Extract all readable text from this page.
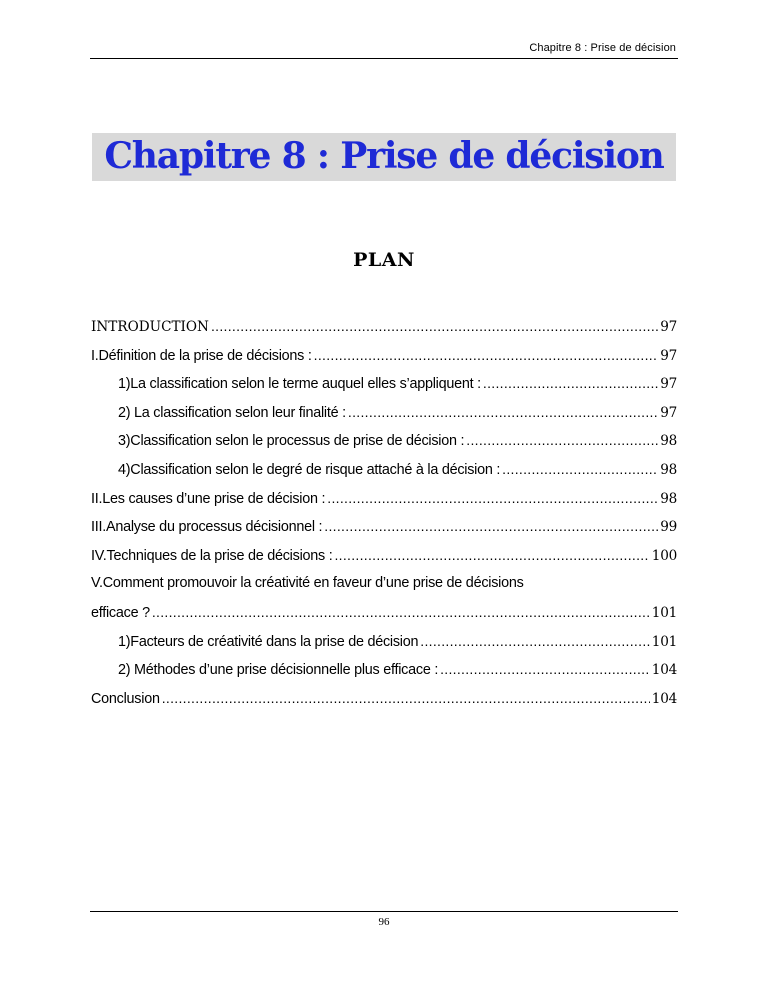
Chapitre 8 : Prise de décision
Chapitre 8 : Prise de décision
PLAN
INTRODUCTION .....	97
I.Définition de la prise de décisions : .....	97
1)La classification selon le terme auquel elles s’appliquent : .....	97
2) La classification selon leur finalité : .....	97
3)Classification selon le processus de prise de décision : .....	98
4)Classification selon le degré de risque attaché à la décision : .....	98
II.Les causes d’une prise de décision : .....	98
III.Analyse du processus décisionnel : .....	99
IV.Techniques de la prise de décisions : .....	100
V.Comment promouvoir la créativité en faveur d’une prise de décisions
efficace ? .....	101
1)Facteurs de créativité dans la prise de décision .....	101
2) Méthodes d’une prise décisionnelle plus efficace : .....	104
Conclusion .....	104
96
